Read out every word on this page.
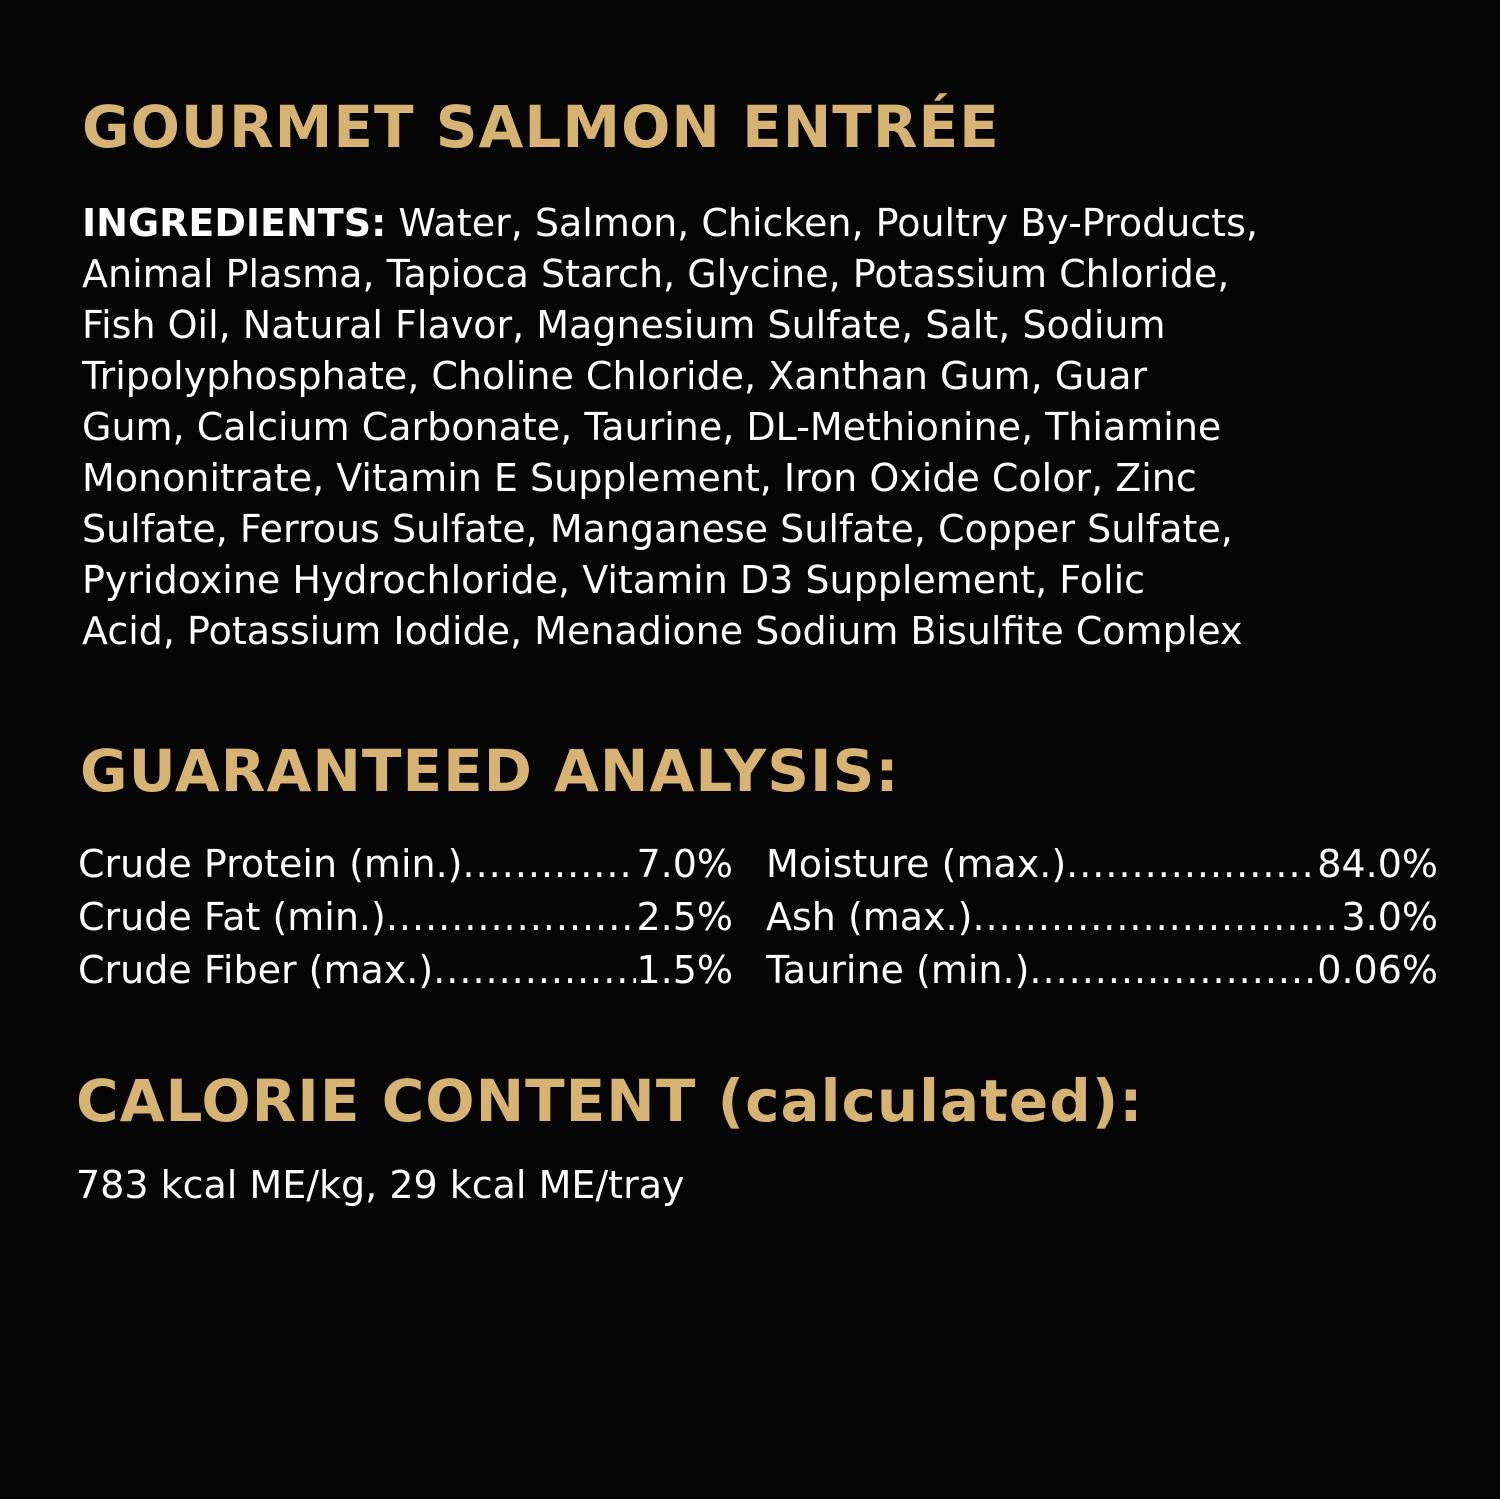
GOURMET SALMON ENTRÉE

INGREDIENTS: Water, Salmon, Chicken, Poultry By-Products,
Animal Plasma, Tapioca Starch, Glycine, Potassium Chloride,
Fish Oil, Natural Flavor, Magnesium Sulfate, Salt, Sodium
Tripolyphosphate, Choline Chloride, Xanthan Gum, Guar
Gum, Calcium Carbonate, Taurine, DL-Methionine, Thiamine
Mononitrate, Vitamin E Supplement, Iron Oxide Color, Zinc
Sulfate, Ferrous Sulfate, Manganese Sulfate, Copper Sulfate,
Pyridoxine Hydrochloride, Vitamin D3 Supplement, Folic
Acid, Potassium Iodide, Menadione Sodium Bisulfite Complex

GUARANTEED ANALYSIS:
Crude Protein (min.) .....	7.0%
Crude Fat (min.) .....	2.5%
Crude Fiber (max.) .....	1.5%
Moisture (max.) .....	84.0%
Ash (max.) .....	3.0%
Taurine (min.) .....	0.06%
CALORIE CONTENT (calculated):

783 kcal ME/kg, 29 kcal ME/tray
